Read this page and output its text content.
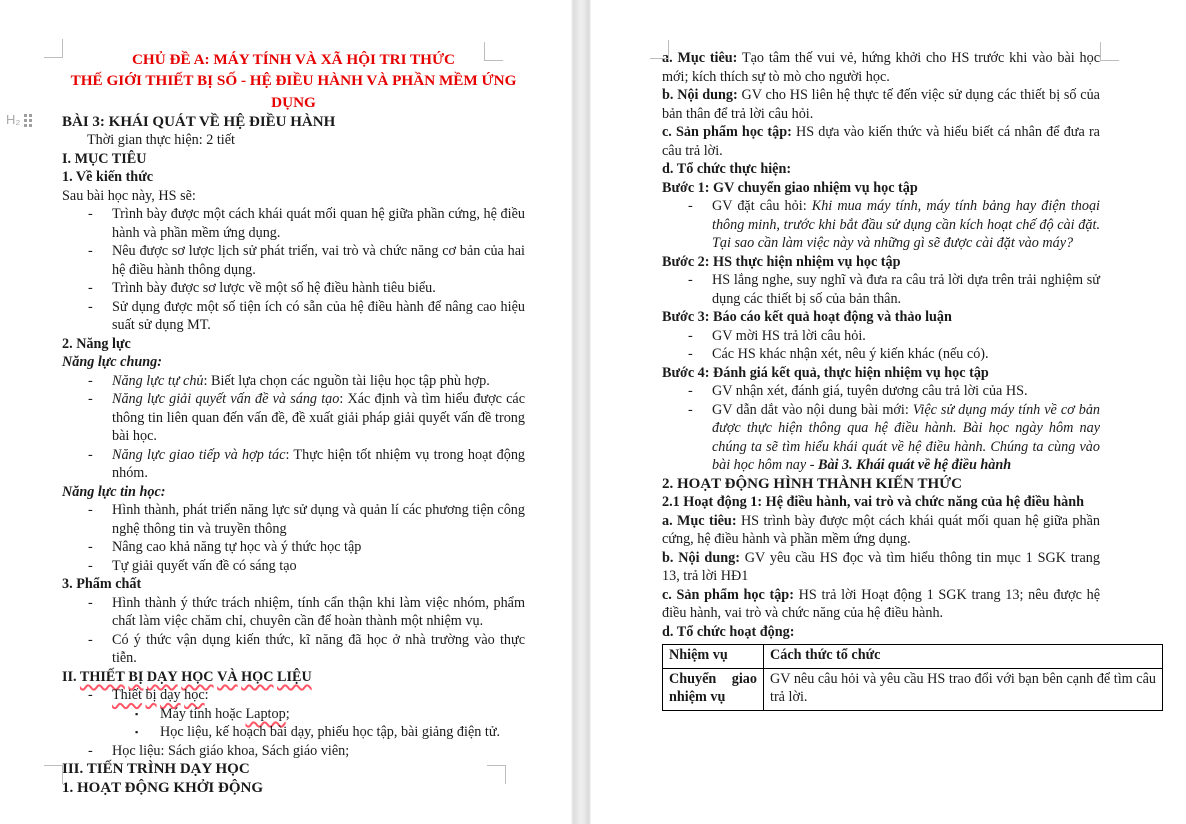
CHỦ ĐỀ A: MÁY TÍNH VÀ XÃ HỘI TRI THỨC
THẾ GIỚI THIẾT BỊ SỐ - HỆ ĐIỀU HÀNH VÀ PHẦN MỀM ỨNG DỤNG
BÀI 3: KHÁI QUÁT VỀ HỆ ĐIỀU HÀNH
Thời gian thực hiện: 2 tiết
I. MỤC TIÊU
1. Về kiến thức
Sau bài học này, HS sẽ:
- Trình bày được một cách khái quát mối quan hệ giữa phần cứng, hệ điều hành và phần mềm ứng dụng.
- Nêu được sơ lược lịch sử phát triển, vai trò và chức năng cơ bản của hai hệ điều hành thông dụng.
- Trình bày được sơ lược về một số hệ điều hành tiêu biểu.
- Sử dụng được một số tiện ích có sẵn của hệ điều hành để nâng cao hiệu suất sử dụng MT.
2. Năng lực
Năng lực chung:
- Năng lực tự chủ: Biết lựa chọn các nguồn tài liệu học tập phù hợp.
- Năng lực giải quyết vấn đề và sáng tạo: Xác định và tìm hiểu được các thông tin liên quan đến vấn đề, đề xuất giải pháp giải quyết vấn đề trong bài học.
- Năng lực giao tiếp và hợp tác: Thực hiện tốt nhiệm vụ trong hoạt động nhóm.
Năng lực tin học:
- Hình thành, phát triển năng lực sử dụng và quản lí các phương tiện công nghệ thông tin và truyền thông
- Nâng cao khả năng tự học và ý thức học tập
- Tự giải quyết vấn đề có sáng tạo
3. Phẩm chất
- Hình thành ý thức trách nhiệm, tính cẩn thận khi làm việc nhóm, phẩm chất làm việc chăm chỉ, chuyên cần để hoàn thành một nhiệm vụ.
- Có ý thức vận dụng kiến thức, kĩ năng đã học ở nhà trường vào thực tiễn.
II. THIẾT BỊ DẠY HỌC VÀ HỌC LIỆU
- Thiết bị dạy học:
▪ Máy tính hoặc Laptop;
▪ Học liệu, kế hoạch bài dạy, phiếu học tập, bài giảng điện tử.
- Học liệu: Sách giáo khoa, Sách giáo viên;
III. TIẾN TRÌNH DẠY HỌC
1. HOẠT ĐỘNG KHỞI ĐỘNG
a. Mục tiêu: Tạo tâm thế vui vẻ, hứng khởi cho HS trước khi vào bài học mới; kích thích sự tò mò cho người học.
b. Nội dung: GV cho HS liên hệ thực tế đến việc sử dụng các thiết bị số của bản thân để trả lời câu hỏi.
c. Sản phẩm học tập: HS dựa vào kiến thức và hiểu biết cá nhân để đưa ra câu trả lời.
d. Tổ chức thực hiện:
Bước 1: GV chuyển giao nhiệm vụ học tập
- GV đặt câu hỏi: Khi mua máy tính, máy tính bảng hay điện thoại thông minh, trước khi bắt đầu sử dụng cần kích hoạt chế độ cài đặt. Tại sao cần làm việc này và những gì sẽ được cài đặt vào máy?
Bước 2: HS thực hiện nhiệm vụ học tập
- HS lắng nghe, suy nghĩ và đưa ra câu trả lời dựa trên trải nghiệm sử dụng các thiết bị số của bản thân.
Bước 3: Báo cáo kết quả hoạt động và thảo luận
- GV mời HS trả lời câu hỏi.
- Các HS khác nhận xét, nêu ý kiến khác (nếu có).
Bước 4: Đánh giá kết quả, thực hiện nhiệm vụ học tập
- GV nhận xét, đánh giá, tuyên dương câu trả lời của HS.
- GV dẫn dắt vào nội dung bài mới: Việc sử dụng máy tính về cơ bản được thực hiện thông qua hệ điều hành. Bài học ngày hôm nay chúng ta sẽ tìm hiểu khái quát về hệ điều hành. Chúng ta cùng vào bài học hôm nay - Bài 3. Khái quát về hệ điều hành
2. HOẠT ĐỘNG HÌNH THÀNH KIẾN THỨC
2.1 Hoạt động 1: Hệ điều hành, vai trò và chức năng của hệ điều hành
a. Mục tiêu: HS trình bày được một cách khái quát mối quan hệ giữa phần cứng, hệ điều hành và phần mềm ứng dụng.
b. Nội dung: GV yêu cầu HS đọc và tìm hiểu thông tin mục 1 SGK trang 13, trả lời HĐ1
c. Sản phẩm học tập: HS trả lời Hoạt động 1 SGK trang 13; nêu được hệ điều hành, vai trò và chức năng của hệ điều hành.
d. Tổ chức hoạt động:
Nhiệm vụ	Cách thức tổ chức
Chuyển giao nhiệm vụ	GV nêu câu hỏi và yêu cầu HS trao đổi với bạn bên cạnh để tìm câu trả lời.
H₂
